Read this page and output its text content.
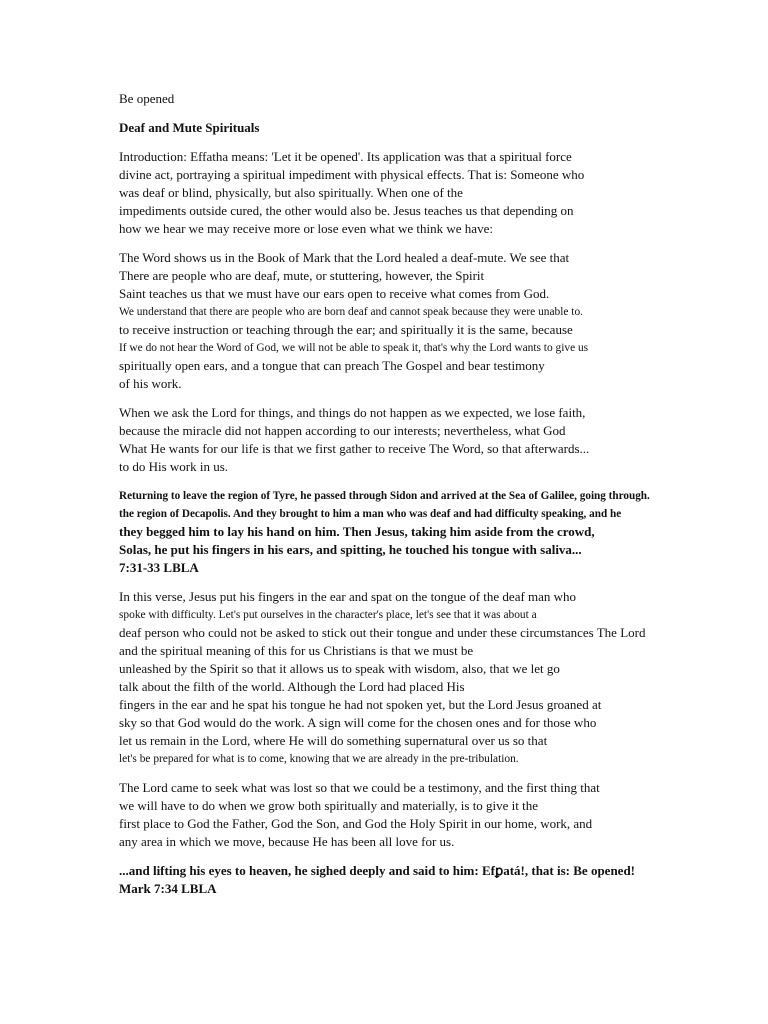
Be opened

Deaf and Mute Spirituals

Introduction: Effatha means: 'Let it be opened'. Its application was that a spiritual force

divine act, portraying a spiritual impediment with physical effects. That is: Someone who

was deaf or blind, physically, but also spiritually. When one of the

impediments outside cured, the other would also be. Jesus teaches us that depending on

how we hear we may receive more or lose even what we think we have:

The Word shows us in the Book of Mark that the Lord healed a deaf-mute. We see that

There are people who are deaf, mute, or stuttering, however, the Spirit

Saint teaches us that we must have our ears open to receive what comes from God.

We understand that there are people who are born deaf and cannot speak because they were unable to.

to receive instruction or teaching through the ear; and spiritually it is the same, because

If we do not hear the Word of God, we will not be able to speak it, that's why the Lord wants to give us

spiritually open ears, and a tongue that can preach The Gospel and bear testimony

of his work.

When we ask the Lord for things, and things do not happen as we expected, we lose faith,

because the miracle did not happen according to our interests; nevertheless, what God

What He wants for our life is that we first gather to receive The Word, so that afterwards...

to do His work in us.

Returning to leave the region of Tyre, he passed through Sidon and arrived at the Sea of Galilee, going through.

the region of Decapolis. And they brought to him a man who was deaf and had difficulty speaking, and he

they begged him to lay his hand on him. Then Jesus, taking him aside from the crowd,

Solas, he put his fingers in his ears, and spitting, he touched his tongue with saliva...

7:31-33 LBLA

In this verse, Jesus put his fingers in the ear and spat on the tongue of the deaf man who

spoke with difficulty. Let's put ourselves in the character's place, let's see that it was about a

deaf person who could not be asked to stick out their tongue and under these circumstances The Lord

and the spiritual meaning of this for us Christians is that we must be

unleashed by the Spirit so that it allows us to speak with wisdom, also, that we let go

talk about the filth of the world. Although the Lord had placed His

fingers in the ear and he spat his tongue he had not spoken yet, but the Lord Jesus groaned at

sky so that God would do the work. A sign will come for the chosen ones and for those who

let us remain in the Lord, where He will do something supernatural over us so that

let's be prepared for what is to come, knowing that we are already in the pre-tribulation.

The Lord came to seek what was lost so that we could be a testimony, and the first thing that

we will have to do when we grow both spiritually and materially, is to give it the

first place to God the Father, God the Son, and God the Holy Spirit in our home, work, and

any area in which we move, because He has been all love for us.

...and lifting his eyes to heaven, he sighed deeply and said to him: Efꝑatá!, that is: Be opened!

Mark 7:34 LBLA
